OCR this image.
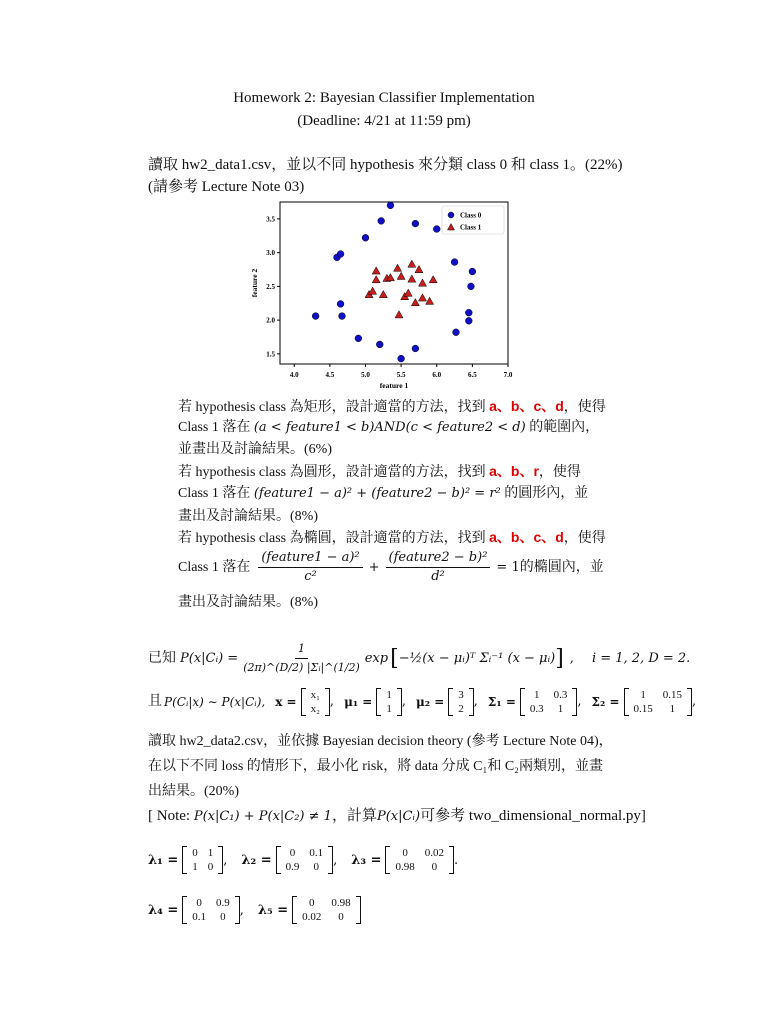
Homework 2: Bayesian Classifier Implementation
(Deadline: 4/21 at 11:59 pm)
讀取 hw2_data1.csv，並以不同 hypothesis 來分類 class 0 和 class 1。(22%)
(請參考 Lecture Note 03)
4.0	4.5	5.0	5.5	6.0	6.5	7.0
1.5
2.0
2.5
3.0
3.5
feature 1
feature 2
Class 0
Class 1
若 hypothesis class 為矩形，設計適當的方法，找到 a、b、c、d，使得
Class 1 落在 (a < feature1 < b)AND(c < feature2 < d) 的範圍內，
並畫出及討論結果。(6%)
若 hypothesis class 為圓形，設計適當的方法，找到 a、b、r，使得
Class 1 落在 (feature1 − a)² + (feature2 − b)² = r² 的圓形內，並
畫出及討論結果。(8%)
若 hypothesis class 為橢圓，設計適當的方法，找到 a、b、c、d，使得
Class 1 落在 $\frac{\text{(feature1 − a)²}}{\text{c²}} + \frac{\text{(feature2 − b)²}}{\text{d²}} = 1$ 的橢圓內，並
畫出及討論結果。(8%)
已知 P(x|Cᵢ) = $\frac{1}{\text{(2π)\textasciicircum{}(D/2) |Σᵢ|\textasciicircum{}(1/2)}}$ exp [ −½(x − μᵢ)ᵀ Σᵢ⁻¹ (x − μᵢ) ] , i = 1, 2, D = 2.
且 P(Cᵢ|x) ∼ P(x|Cᵢ), x = x₁
x₂ , μ₁ = 1
1 , μ₂ = 3
2 , Σ₁ = 1	0.3
0.3	1 , Σ₂ = 1	0.15
0.15	1 ,
讀取 hw2_data2.csv，並依據 Bayesian decision theory (參考 Lecture Note 04)，
在以下不同 loss 的情形下，最小化 risk，將 data 分成 C₁和 C₂兩類別，並畫
出結果。(20%)
[ Note: P(x|C₁) + P(x|C₂) ≠ 1，計算P(x|Cᵢ)可參考 two_dimensional_normal.py]
λ₁ = 0	1
1	0 , λ₂ = 0	0.1
0.9	0 , λ₃ = 0	0.02
0.98	0 .
λ₄ = 0	0.9
0.1	0 , λ₅ = 0	0.98
0.02	0
